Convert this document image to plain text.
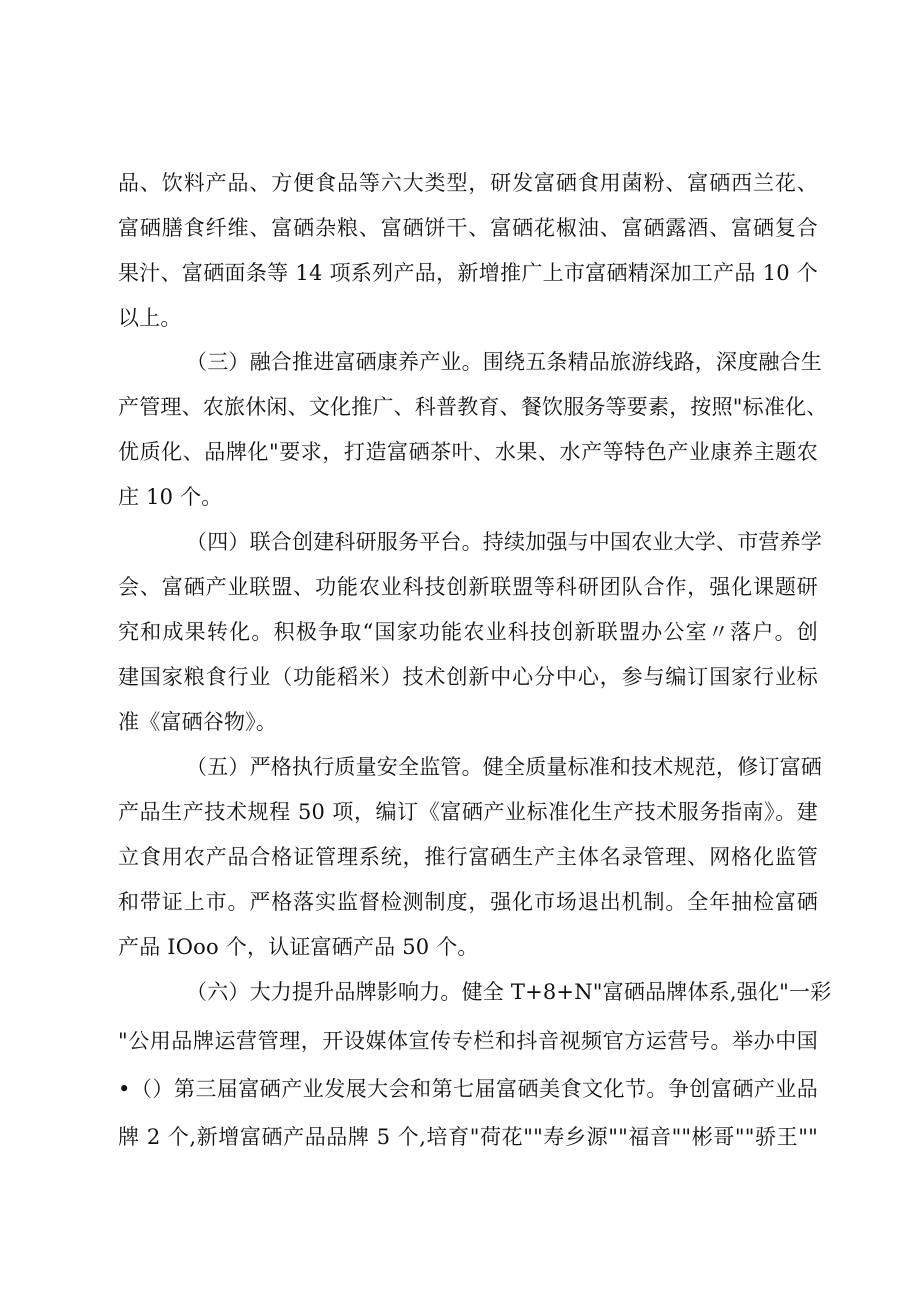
品、饮料产品、方便食品等六大类型，研发富硒食用菌粉、富硒西兰花、
富硒膳食纤维、富硒杂粮、富硒饼干、富硒花椒油、富硒露酒、富硒复合
果汁、富硒面条等 14 项系列产品，新增推广上市富硒精深加工产品 10 个
以上。
（三）融合推进富硒康养产业。围绕五条精品旅游线路，深度融合生
产管理、农旅休闲、文化推广、科普教育、餐饮服务等要素，按照"标准化、
优质化、品牌化"要求，打造富硒茶叶、水果、水产等特色产业康养主题农
庄 10 个。
（四）联合创建科研服务平台。持续加强与中国农业大学、市营养学
会、富硒产业联盟、功能农业科技创新联盟等科研团队合作，强化课题研
究和成果转化。积极争取“国家功能农业科技创新联盟办公室〃落户。创
建国家粮食行业（功能稻米）技术创新中心分中心，参与编订国家行业标
准《富硒谷物》。
（五）严格执行质量安全监管。健全质量标准和技术规范，修订富硒
产品生产技术规程 50 项，编订《富硒产业标准化生产技术服务指南》。建
立食用农产品合格证管理系统，推行富硒生产主体名录管理、网格化监管
和带证上市。严格落实监督检测制度，强化市场退出机制。全年抽检富硒
产品 IOoo 个，认证富硒产品 50 个。
（六）大力提升品牌影响力。健全 T+8+N"富硒品牌体系,强化"一彩
"公用品牌运营管理，开设媒体宣传专栏和抖音视频官方运营号。举办中国
•（）第三届富硒产业发展大会和第七届富硒美食文化节。争创富硒产业品
牌 2 个,新增富硒产品品牌 5 个,培育"荷花""寿乡源""福音""彬哥""骄王""
